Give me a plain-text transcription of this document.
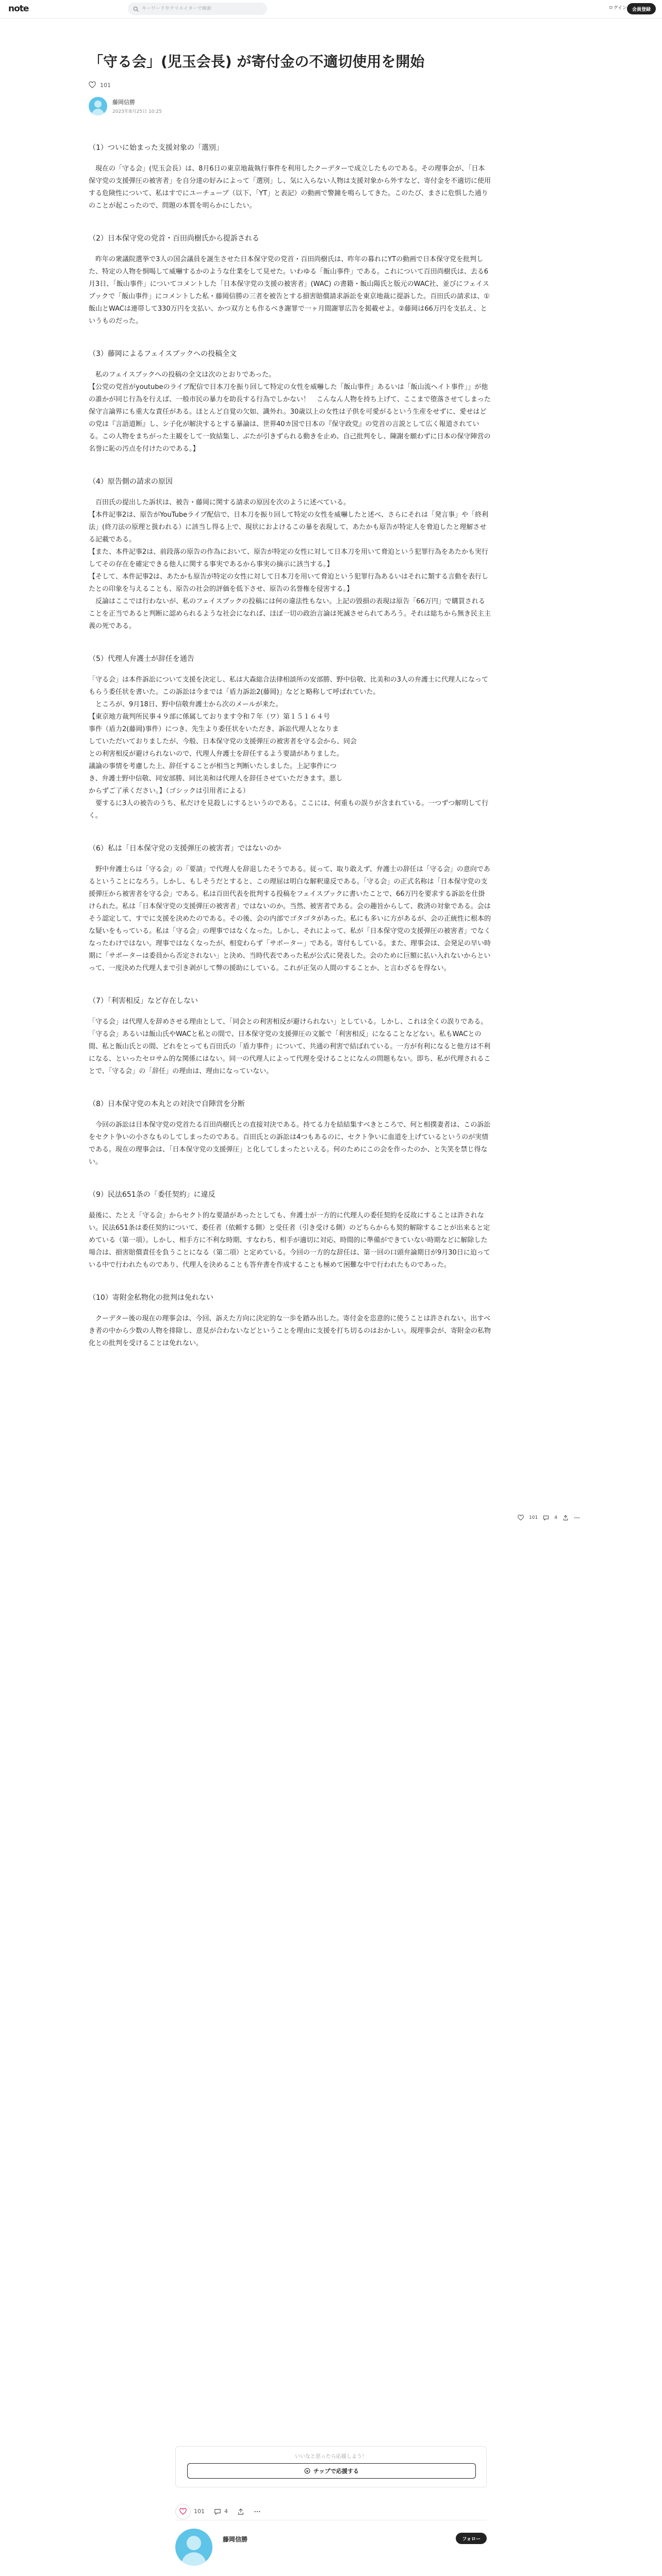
note
キーワードやクリエイターで検索	ログイン	会員登録
「守る会」(児玉会長) が寄付金の不適切使用を開始
101
藤岡信勝
2023年8月25日 10:25
（1）ついに始まった支援対象の「選別」

　現在の「守る会」(児玉会長）は、8月6日の東京地裁執行事件を利用したクーデターで成立したものである。その理事会が、「日本保守党の支援弾圧の被害者」を自分達の好みによって「選別」し、気に入らない人物は支援対象から外すなど、寄付金を不適切に使用する危険性について、私はすでにユーチューブ（以下、「YT」と表記）の動画で警鐘を鳴らしてきた。このたび、まさに危惧した通りのことが起こったので、問題の本質を明らかにしたい。

（2）日本保守党の党首・百田尚樹氏から提訴される

　昨年の衆議院選挙で3人の国会議員を誕生させた日本保守党の党首・百田尚樹氏は、昨年の暮れにYTの動画で日本保守党を批判した、特定の人物を恫喝して威嚇するかのような仕業をして見せた。いわゆる「飯山事件」である。これについて百田尚樹氏は、去る6月3日、「飯山事件」についてコメントした「日本保守党の支援の被害者」(WAC) の書籍・飯山陽氏と版元のWAC社、並びにフェイスブックで「飯山事件」にコメントした私・藤岡信勝の三者を被告とする損害賠償請求訴訟を東京地裁に提訴した。百田氏の請求は、①飯山とWACは連帯して330万円を支払い、かつ双方とも作るべき謝罪で一ヶ月間謝罪広告を掲載せよ。②藤岡は66万円を支払え、というものだった。

（3）藤岡によるフェイスブックへの投稿全文

　私のフェイスブックへの投稿の全文は次のとおりであった。
【公党の党首がyoutubeのライブ配信で日本刀を振り回して特定の女性を威嚇した「飯山事件」あるいは「飯山流ヘイト事件」」が他の誰かが同じ行為を行えば、一般市民の暴力を助長する行為でしかない！　こんなん人物を持ち上げて、ここまで堕落させてしまった保守言論界にも重大な責任がある。ほとんど自覚の欠如、識外れ。30歳以上の女性は子供を可愛がるという生産をせずに、愛せはどの党は『言語道断』し、シ子化が解決するとする暴論は、世界40カ国で日本の『保守政党』の党首の言説として広く報道されている。この人物をまちがった主観をして一致結集し、ぶたが引きずられる動きを止め、自己批判をし、陳謝を願わずに日本の保守陣営の名誉に恥の汚点を付けたのである。】

（4）原告側の請求の原因

　百田氏の提出した訴状は、被告・藤岡に関する請求の原因を次のように述べている。
【本件記事2は、原告がYouTubeライブ配信で、日本刀を振り回して特定の女性を威嚇したと述べ、さらにそれは「発言事」や「終利法」(終刀法の原理と扱われる）に該当し得る上で、現状におよけるこの暴を表現して、あたかも原告が特定人を脅迫したと理解させる記載である。
【また、本件記事2は、前段落の原告の作為において、原告が特定の女性に対して日本刀を用いて脅迫という犯罪行為をあたかも実行してその存在を確定できる他人に関する事実であるから事実の摘示に該当する。】
【そして、本件記事2は、あたかも原告が特定の女性に対して日本刀を用いて脅迫という犯罪行為あるいはそれに類する言動を表行したとの印象を与えることも、原告の社会的評価を低下させ、原告の名誉権を侵害する。】
　反論はここでは行わないが、私のフェイスブックの投稿には何の違法性もない。上記の毀損の表現は原告「66万円」で購買されることを正当であると判断に認められるような社会になれば、ほぼ一切の政治言論は死滅させられてあろう。それは総ちから無き民主主義の死である。

（5）代理人弁護士が辞任を通告

「守る会」は本件訴訟について支援を決定し、私は大森総合法律相談所の安部勝、野中信敬、比美和の3人の弁護士に代理人になってもらう委任状を書いた。この訴訟は今までは「盾力訴訟2(藤岡)」などと略称して呼ばれていた。
　ところが、9月18日、野中信敬弁護士から次のメールが来た。
【東京地方裁判所民事４９部に係属しております令和７年（ワ）第１５１６４号
事件（盾力2(藤岡)事件）につき、先生より委任状をいただき、訴訟代理人となりま
していただいておりましたが、今般、日本保守党の支援弾圧の被害者を守る会から、同会
との利害相反が避けられないので、代理人弁護士を辞任するよう要請がありました。
議論の事情を考慮した上、辞任することが相当と判断いたしました。上記事件につ
き、弁護士野中信敬、同安部勝、同比美和は代理人を辞任させていただきます。悪し
からずご了承ください。】（ゴシックは引用者による）
　要するに3人の被告のうち、私だけを見殺しにするというのである。ここには、何重もの誤りが含まれている。一つずつ解明して行く。

（6）私は「日本保守党の支援弾圧の被害者」ではないのか

　野中弁護士らは「守る会」の「要請」で代理人を辞退したそうである。従って、取り敢えず、弁護士の辞任は「守る会」の意向であるということになろう。しかし、もしそうだとすると、この理屈は明白な解釈違反である。「守る会」の正式名称は「日本保守党の支援弾圧から被害者を守る会」である。私は百田代表を批判する投稿をフェイスブックに書いたことで、66万円を要求する訴訟を仕掛けられた。私は「日本保守党の支援弾圧の被害者」ではないのか。当然、被害者である。会の趣旨からして、救済の対象である。会はそう認定して、すでに支援を決めたのである。その後、会の内部でゴタゴタがあった。私にも多いに方があるが、会の正統性に根本的な疑いをもっている。私は「守る会」の理事ではなくなった。しかし、それによって、私が「日本保守党の支援弾圧の被害者」でなくなったわけではない。理事ではなくなったが、相変わらず「サポーター」である。寄付もしている。また、理事会は、会発足の早い時期に「サポーターは委員から否定されない」と決め、当時代表であった私が公式に発表した。会のために巨額に払い入れないからといって、一度決めた代理人まで引き剥がして弊の援助にしている。これが正気の人間のすることか、と言わざるを得ない。

（7）「利害相反」など存在しない

「守る会」は代理人を辞めさせる理由として、「同会との利害相反が避けられない」としている。しかし、これは全くの誤りである。「守る会」あるいは飯山氏やWACと私との間で、日本保守党の支援弾圧の文脈で「利害相反」になることなどない。私もWACとの間、私と飯山氏との間、どれをとっても百田氏の「盾力事件」について、共通の利害で結ばれている。一方が有利になると他方は不利になる、といったセロサム的な関係にはない。同一の代理人によって代理を受けることになんの問題もない。即ち、私が代理されることで、「守る会」の「辞任」の理由は、理由になっていない。

（8）日本保守党の本丸との対決で自陣営を分断

　今回の訴訟は日本保守党の党首たる百田尚樹氏との直接対決である。持てる力を結結集すべきところで、何と相撲妻者は、この訴訟をセクト争いの小さなものしてしまったのである。百田氏との訴訟は4つもあるのに、セクト争いに血道を上げているというのが実情である。現在の理事会は、「日本保守党の支援弾圧」と化してしまったといえる。何のためにこの会を作ったのか、と失笑を禁じ得ない。

（9）民法651条の「委任契約」に違反

最後に、たとえ「守る会」からセクト的な要請があったとしても、弁護士が一方的に代理人の委任契約を反故にすることは許されない。民法651条は委任契約について、委任者（依頼する側）と受任者（引き受ける側）のどちらからも契約解除することが出来ると定めている（第一項）。しかし、相手方に不利な時期、すなわち、相手が適切に対応、時間的に準備ができていない時期などに解除した場合は、損害賠償責任を負うことになる（第二項）と定めている。今回の一方的な辞任は、第一回の口頭弁論期日が9月30日に迫っている中で行われたものであり、代理人を決めることも答弁書を作成することも極めて困難な中で行われたものであった。

（10）寄附金私物化の批判は免れない

　クーデター後の現在の理事会は、今回、訴えた方向に決定的な一歩を踏み出した。寄付金を恣意的に使うことは許されない。出すべき者の中から少数の人物を排除し、意見が合わないなどということを理由に支援を打ち切るのはおかしい。現理事会が、寄附金の私物化との批判を受けることは免れない。

101	4
いいなと思ったら応援しよう！
チップで応援する
101	4
藤岡信勝	フォロー
